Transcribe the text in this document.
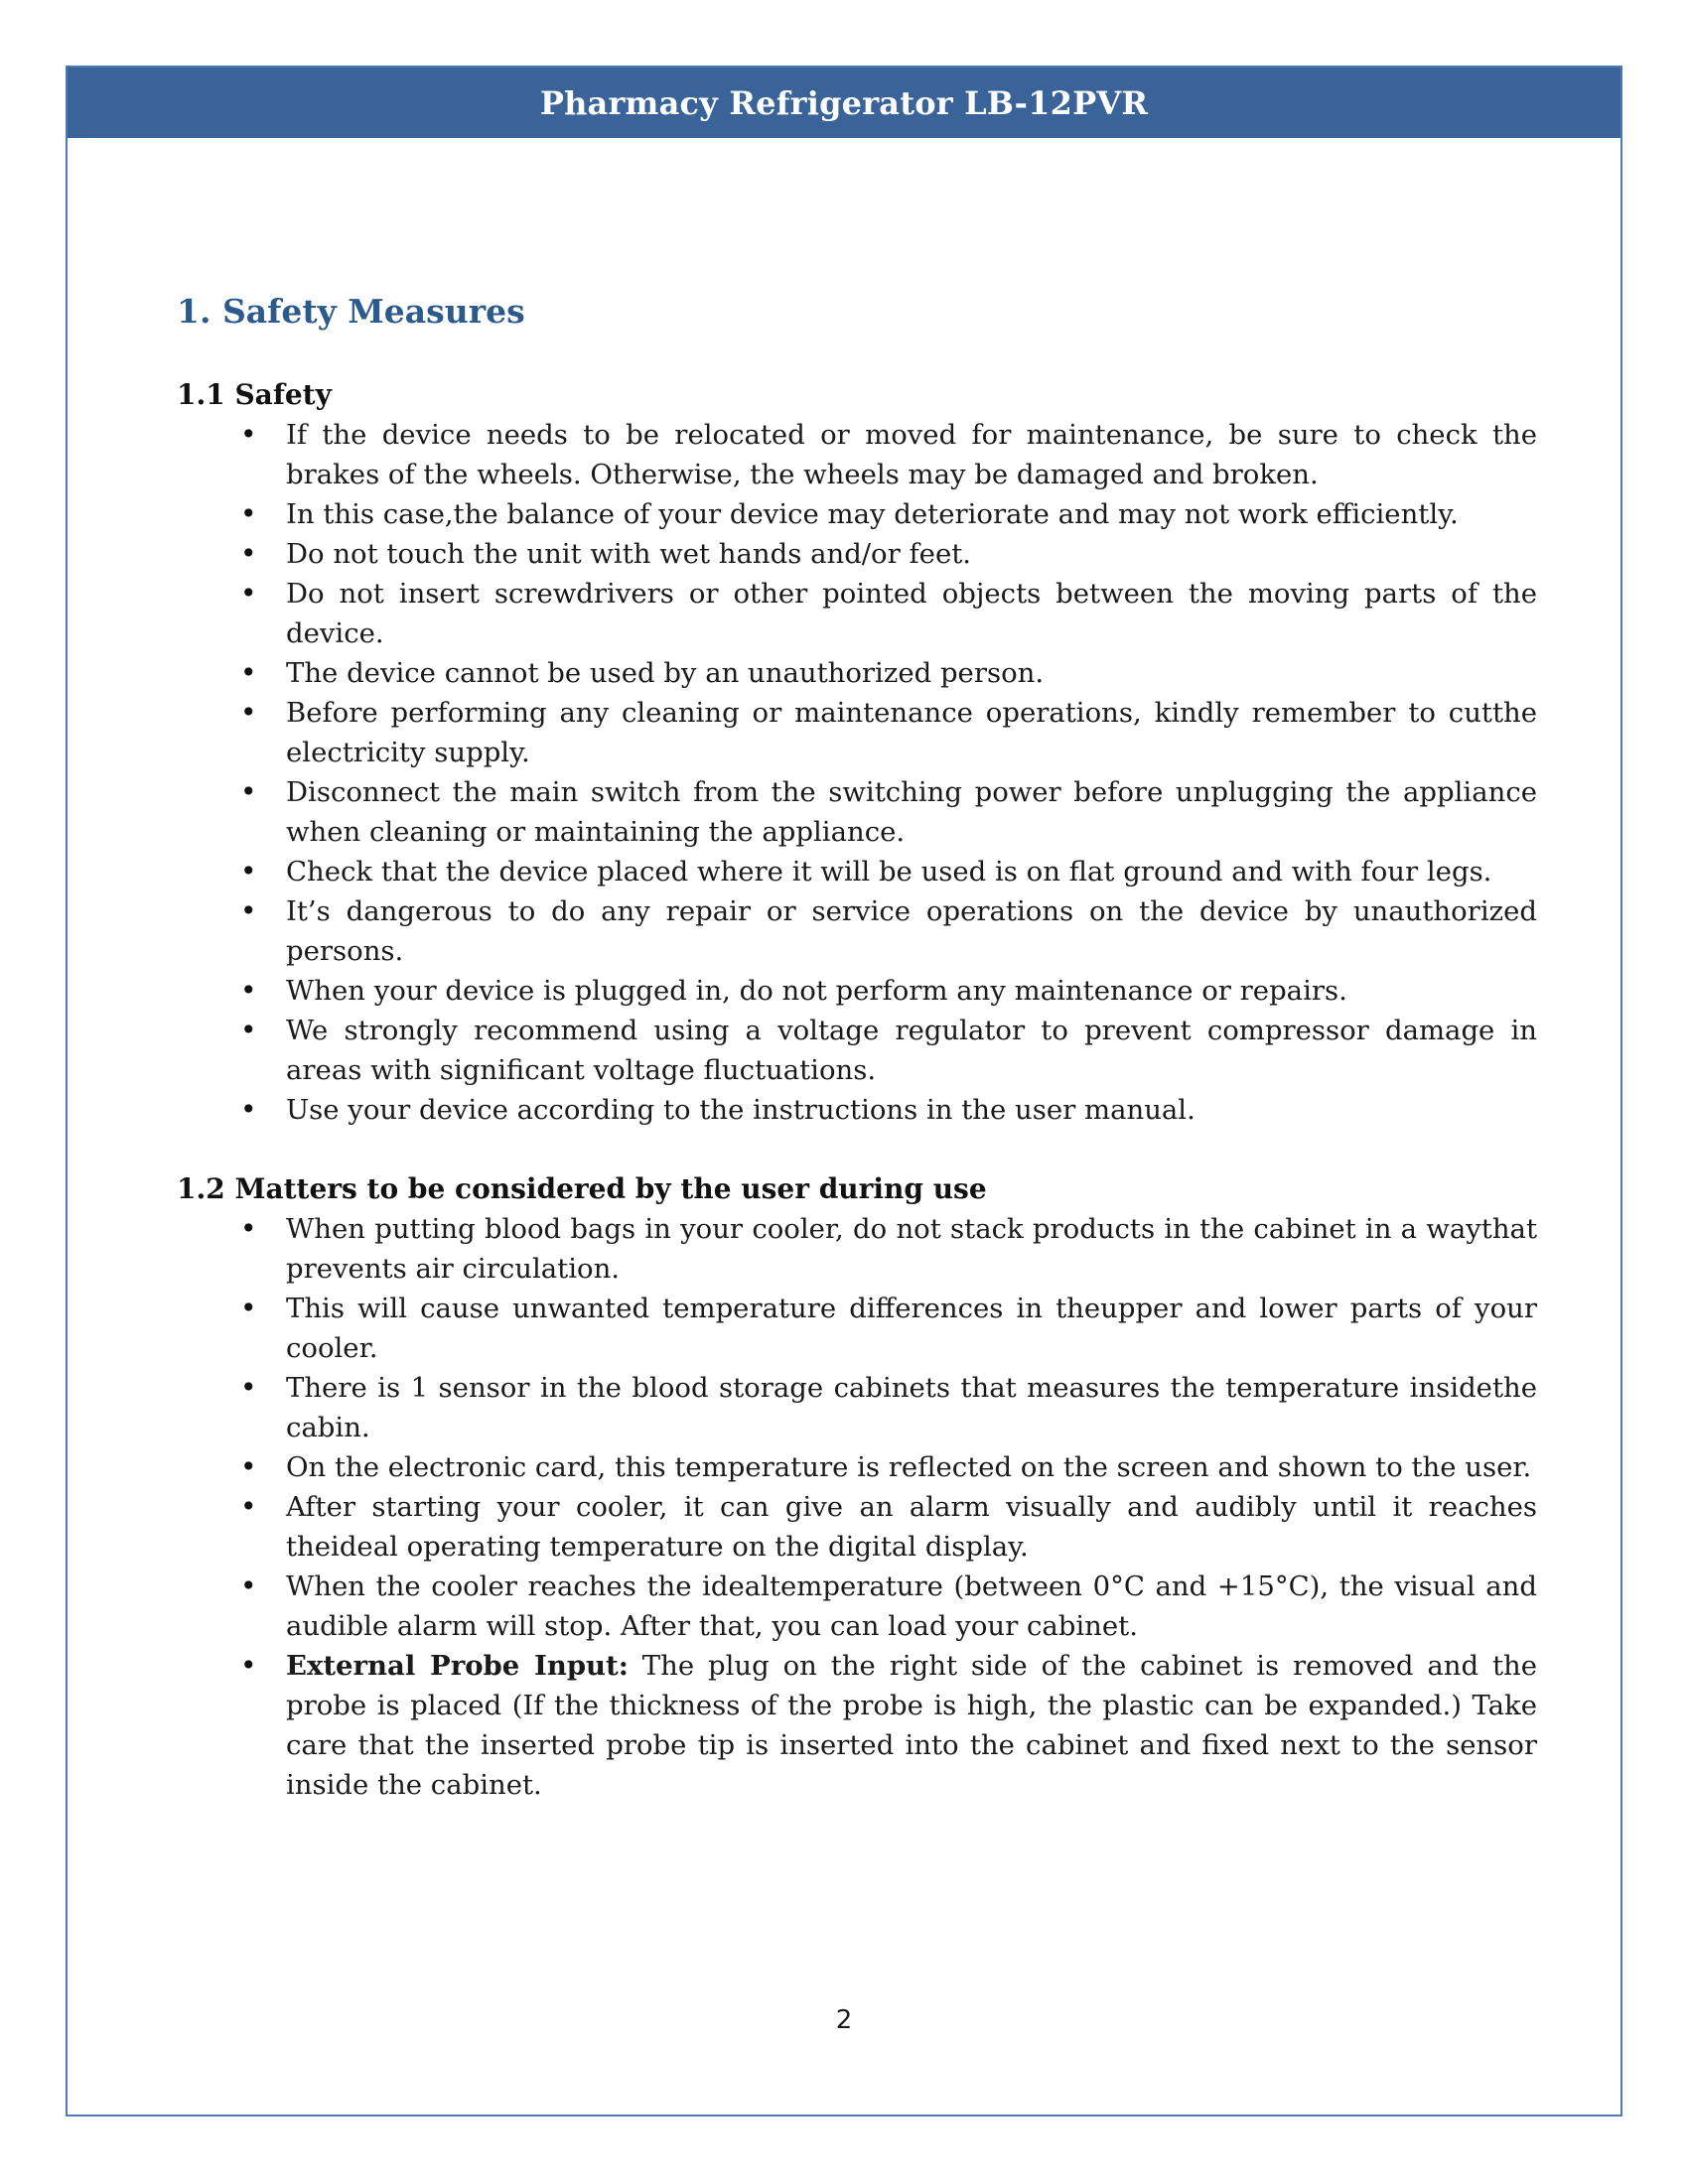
Pharmacy Refrigerator LB-12PVR
1. Safety Measures
1.1 Safety
• If the device needs to be relocated or moved for maintenance, be sure to check the brakes of the wheels. Otherwise, the wheels may be damaged and broken.
• In this case,the balance of your device may deteriorate and may not work efficiently.
• Do not touch the unit with wet hands and/or feet.
• Do not insert screwdrivers or other pointed objects between the moving parts of the device.
• The device cannot be used by an unauthorized person.
• Before performing any cleaning or maintenance operations, kindly remember to cutthe electricity supply.
• Disconnect the main switch from the switching power before unplugging the appliance when cleaning or maintaining the appliance.
• Check that the device placed where it will be used is on flat ground and with four legs.
• It’s dangerous to do any repair or service operations on the device by unauthorized persons.
• When your device is plugged in, do not perform any maintenance or repairs.
• We strongly recommend using a voltage regulator to prevent compressor damage in areas with significant voltage fluctuations.
• Use your device according to the instructions in the user manual.
1.2 Matters to be considered by the user during use
• When putting blood bags in your cooler, do not stack products in the cabinet in a waythat prevents air circulation.
• This will cause unwanted temperature differences in theupper and lower parts of your cooler.
• There is 1 sensor in the blood storage cabinets that measures the temperature insidethe cabin.
• On the electronic card, this temperature is reflected on the screen and shown to the user.
• After starting your cooler, it can give an alarm visually and audibly until it reaches theideal operating temperature on the digital display.
• When the cooler reaches the idealtemperature (between 0°C and +15°C), the visual and audible alarm will stop. After that, you can load your cabinet.
• External Probe Input: The plug on the right side of the cabinet is removed and the probe is placed (If the thickness of the probe is high, the plastic can be expanded.) Take care that the inserted probe tip is inserted into the cabinet and fixed next to the sensor inside the cabinet.
2
